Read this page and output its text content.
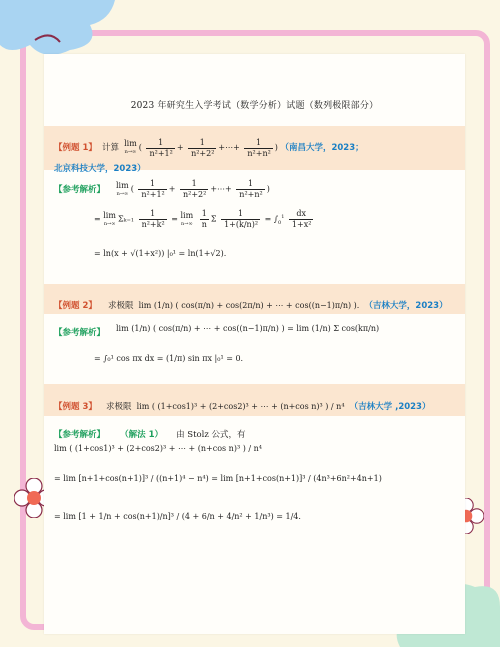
2023 年研究生入学考试（数学分析）试题（数列极限部分）
【例题 1】 计算 lim
n→∞ ( $\frac{1}{\text{n²+1²}} + \frac{1}{\text{n²+2²}}$ +⋯+ $\frac{1}{\text{n²+n²}}$ ) （南昌大学，2023；
北京科技大学，2023）
【参考解析】 lim
n→∞ ( $\frac{1}{\text{n²+1²}} + \frac{1}{\text{n²+2²}}$ +⋯+ $\frac{1}{\text{n²+n²}}$ )
= lim
n→∞ $\Sigma k=1 \frac{1}{\text{n²+k²}} = \lim$
n→∞
$\frac{1}{n}$ Σ $\frac{1}{\text{1+(k/n)²}} = \int_0^1 \frac{dx}{\text{1+x²}}$
= ln(x + √(1+x²)) |₀¹ = ln(1+√2).
【例题 2】 求极限 lim (1/n) ( cos(π/n) + cos(2π/n) + ⋯ + cos((n−1)π/n) ). （吉林大学，2023）
【参考解析】 lim (1/n) ( cos(π/n) + ⋯ + cos((n−1)π/n) ) = lim (1/n) Σ cos(kπ/n)
= ∫₀¹ cos πx dx = (1/π) sin πx |₀¹ = 0.
【例题 3】 求极限 lim ( (1+cos1)³ + (2+cos2)³ + ⋯ + (n+cos n)³ ) / n⁴ （吉林大学 ,2023）
【参考解析】 （解法 1） 由 Stolz 公式，有
lim ( (1+cos1)³ + (2+cos2)³ + ⋯ + (n+cos n)³ ) / n⁴
= lim [n+1+cos(n+1)]³ / ((n+1)⁴ − n⁴) = lim [n+1+cos(n+1)]³ / (4n³+6n²+4n+1)
= lim [1 + 1/n + cos(n+1)/n]³ / (4 + 6/n + 4/n² + 1/n³) = 1/4.
